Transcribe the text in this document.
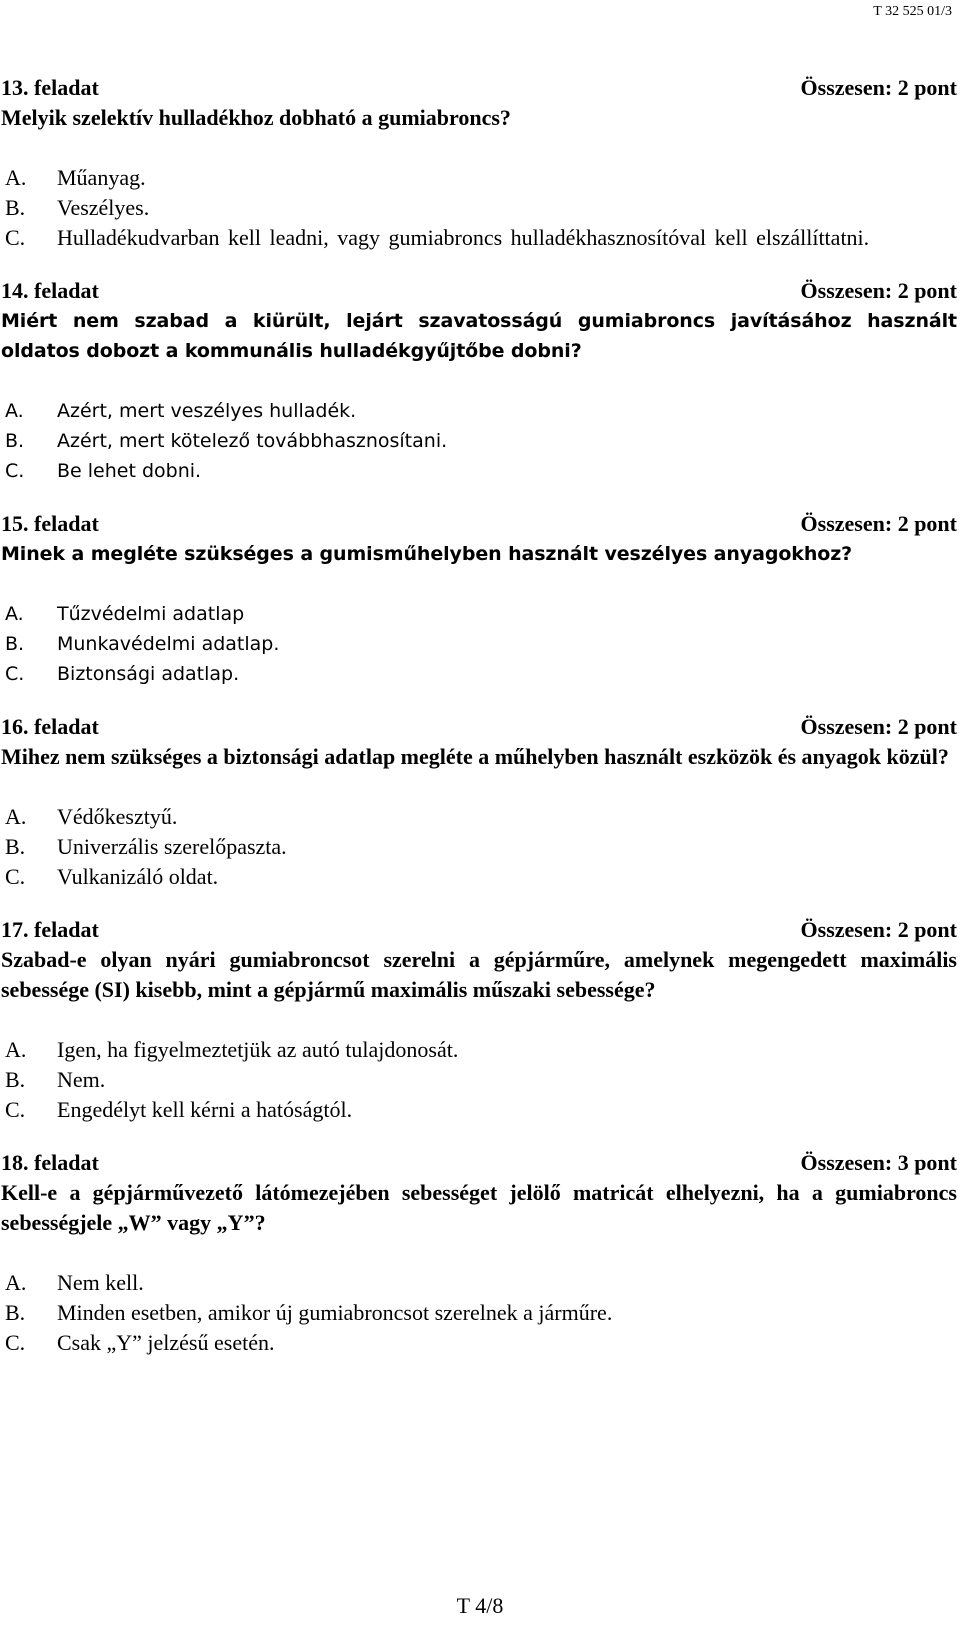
T 32 525 01/3
13. feladat	Összesen: 2 pont

Melyik szelektív hulladékhoz dobható a gumiabroncs?

A.	Műanyag.
B.	Veszélyes.
C.	Hulladékudvarban kell leadni, vagy gumiabroncs hulladékhasznosítóval kell elszállíttatni.
14. feladat	Összesen: 2 pont

Miért nem szabad a kiürült, lejárt szavatosságú gumiabroncs javításához használt oldatos dobozt a kommunális hulladékgyűjtőbe dobni?

A.	Azért, mert veszélyes hulladék.
B.	Azért, mert kötelező továbbhasznosítani.
C.	Be lehet dobni.
15. feladat	Összesen: 2 pont

Minek a megléte szükséges a gumisműhelyben használt veszélyes anyagokhoz?

A.	Tűzvédelmi adatlap
B.	Munkavédelmi adatlap.
C.	Biztonsági adatlap.
16. feladat	Összesen: 2 pont

Mihez nem szükséges a biztonsági adatlap megléte a műhelyben használt eszközök és anyagok közül?

A.	Védőkesztyű.
B.	Univerzális szerelőpaszta.
C.	Vulkanizáló oldat.
17. feladat	Összesen: 2 pont

Szabad-e olyan nyári gumiabroncsot szerelni a gépjárműre, amelynek megengedett maximális sebessége (SI) kisebb, mint a gépjármű maximális műszaki sebessége?

A.	Igen, ha figyelmeztetjük az autó tulajdonosát.
B.	Nem.
C.	Engedélyt kell kérni a hatóságtól.
18. feladat	Összesen: 3 pont

Kell-e a gépjárművezető látómezejében sebességet jelölő matricát elhelyezni, ha a gumiabroncs sebességjele „W” vagy „Y”?

A.	Nem kell.
B.	Minden esetben, amikor új gumiabroncsot szerelnek a járműre.
C.	Csak „Y” jelzésű esetén.
T 4/8
